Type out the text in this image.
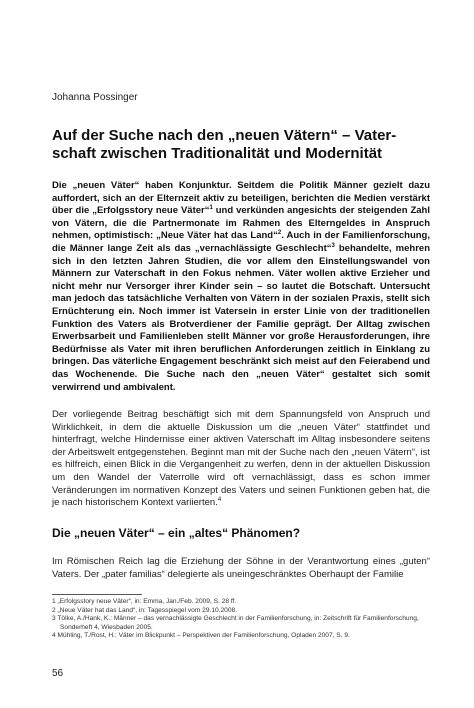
Johanna Possinger
Auf der Suche nach den „neuen Vätern“ – Vater-
schaft zwischen Traditionalität und Modernität

Die „neuen Väter“ haben Konjunktur. Seitdem die Politik Männer gezielt dazu auffordert, sich an der Elternzeit aktiv zu beteiligen, berichten die Medien verstärkt über die „Erfolgsstory neue Väter“$^1$ und verkünden angesichts der steigenden Zahl von Vätern, die die Partnermonate im Rahmen des Elterngeldes in Anspruch nehmen, optimistisch: „Neue Väter hat das Land“$^2$. Auch in der Familienforschung, die Männer lange Zeit als das „vernachlässigte Geschlecht“$^3$ behandelte, mehren sich in den letzten Jahren Studien, die vor allem den Einstellungswandel von Männern zur Vaterschaft in den Fokus nehmen. Väter wollen aktive Erzieher und nicht mehr nur Versorger ihrer Kinder sein – so lautet die Botschaft. Untersucht man jedoch das tatsächliche Verhalten von Vätern in der sozialen Praxis, stellt sich Ernüchterung ein. Noch immer ist Vatersein in erster Linie von der traditionellen Funktion des Vaters als Brotverdiener der Familie geprägt. Der Alltag zwischen Erwerbsarbeit und Familienleben stellt Männer vor große Herausforderungen, ihre Bedürfnisse als Vater mit ihren beruflichen Anforderungen zeitlich in Einklang zu bringen. Das väterliche Engagement beschränkt sich meist auf den Feierabend und das Wochenende. Die Suche nach den „neuen Väter“ gestaltet sich somit verwirrend und ambivalent.

Der vorliegende Beitrag beschäftigt sich mit dem Spannungsfeld von Anspruch und Wirklichkeit, in dem die aktuelle Diskussion um die „neuen Väter“ stattfindet und hinterfragt, welche Hindernisse einer aktiven Vaterschaft im Alltag insbesondere seitens der Arbeitswelt entgegenstehen. Beginnt man mit der Suche nach den „neuen Vätern“, ist es hilfreich, einen Blick in die Vergangenheit zu werfen, denn in der aktuellen Diskussion um den Wandel der Vaterrolle wird oft vernachlässigt, dass es schon immer Veränderungen im normativen Konzept des Vaters und seinen Funktionen geben hat, die je nach historischem Kontext variierten.$^4$

Die „neuen Väter“ – ein „altes“ Phänomen?

Im Römischen Reich lag die Erziehung der Söhne in der Verantwortung eines „guten“ Vaters. Der „pater familias“ delegierte als uneingeschränktes Oberhaupt der Familie

1 „Erfolgsstory neue Väter“, in: Emma, Jan./Feb. 2009, S. 28 ff.

2 „Neue Väter hat das Land“, in: Tagesspiegel vom 29.10.2008.

3 Tölke, A./Hank, K.: Männer – das vernachlässigte Geschlecht in der Familienforschung, in: Zeitschrift für Familienforschung,

Sonderheft 4, Wiesbaden 2005.

4 Mühling, T./Rost, H.: Väter im Blickpunkt – Perspektiven der Familienforschung, Opladen 2007, S. 9.

56
